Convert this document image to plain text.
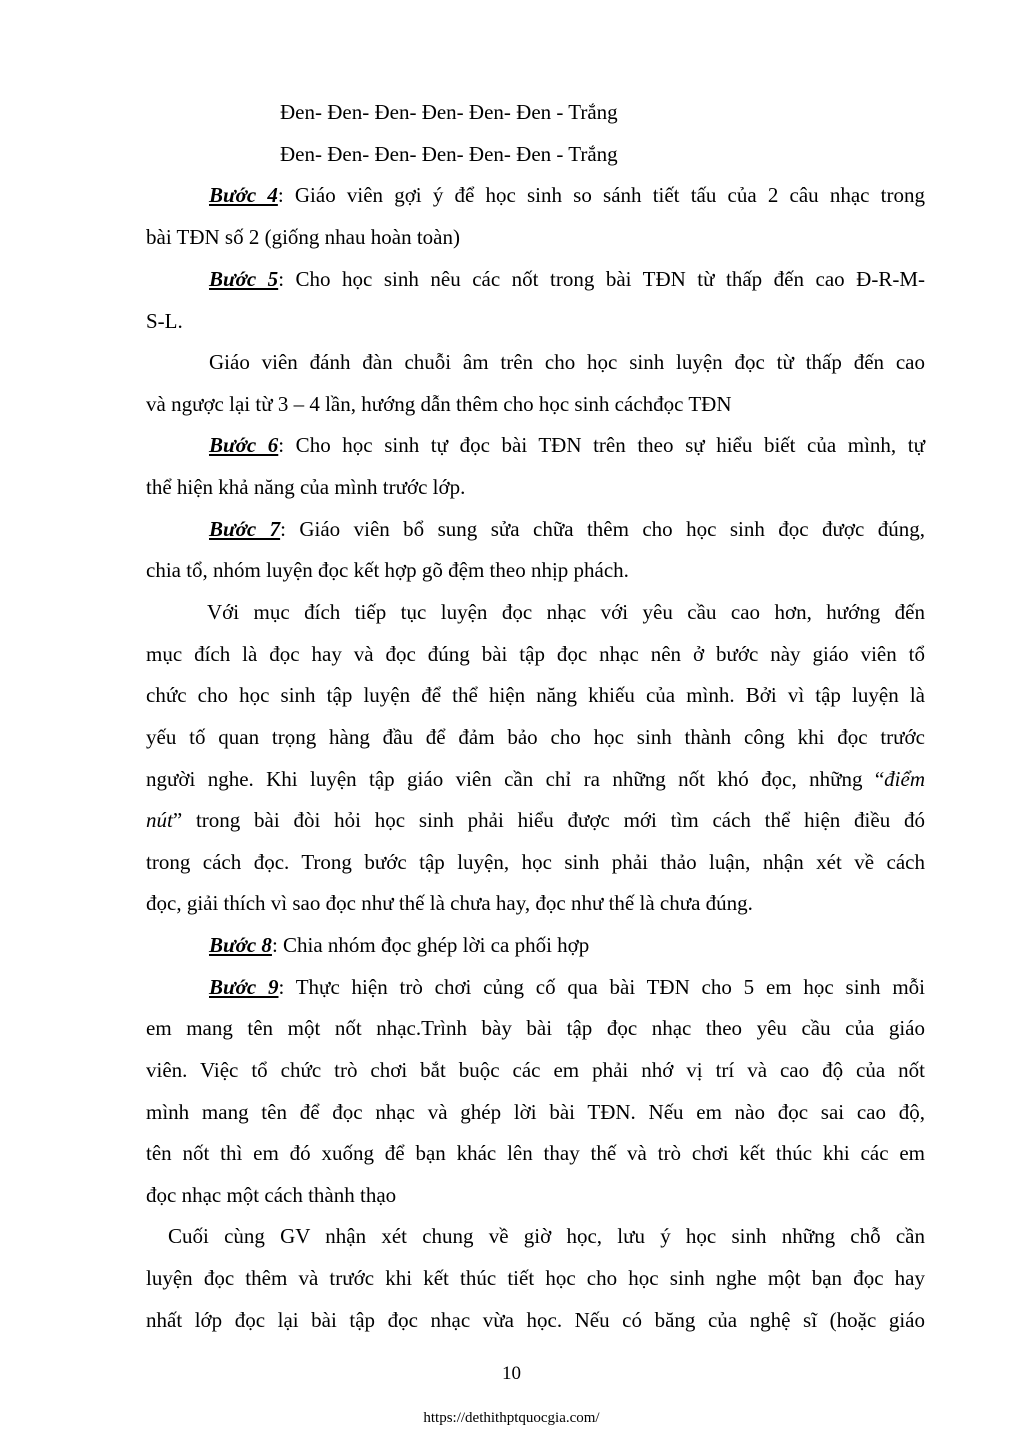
Đen- Đen- Đen- Đen- Đen- Đen - Trắng
Đen- Đen- Đen- Đen- Đen- Đen - Trắng
Bước 4: Giáo viên gợi ý để học sinh so sánh tiết tấu của 2 câu nhạc trong
bài TĐN số 2 (giống nhau hoàn toàn)
Bước 5: Cho học sinh nêu các nốt trong bài TĐN từ thấp đến cao Đ-R-M-
S-L.
Giáo viên đánh đàn chuỗi âm trên cho học sinh luyện đọc từ thấp đến cao
và ngược lại từ 3 – 4 lần, hướng dẫn thêm cho học sinh cáchđọc TĐN
Bước 6: Cho học sinh tự đọc bài TĐN trên theo sự hiểu biết của mình, tự
thể hiện khả năng của mình trước lớp.
Bước 7: Giáo viên bổ sung sửa chữa thêm cho học sinh đọc được đúng,
chia tổ, nhóm luyện đọc kết hợp gõ đệm theo nhịp phách.
Với mục đích tiếp tục luyện đọc nhạc với yêu cầu cao hơn, hướng đến
mục đích là đọc hay và đọc đúng bài tập đọc nhạc nên ở bước này giáo viên tổ
chức cho học sinh tập luyện để thể hiện năng khiếu của mình. Bởi vì tập luyện là
yếu tố quan trọng hàng đầu để đảm bảo cho học sinh thành công khi đọc trước
người nghe. Khi luyện tập giáo viên cần chỉ ra những nốt khó đọc, những “điểm
nút” trong bài đòi hỏi học sinh phải hiểu được mới tìm cách thể hiện điều đó
trong cách đọc. Trong bước tập luyện, học sinh phải thảo luận, nhận xét về cách
đọc, giải thích vì sao đọc như thế là chưa hay, đọc như thế là chưa đúng.
Bước 8: Chia nhóm đọc ghép lời ca phối hợp
Bước 9: Thực hiện trò chơi củng cố qua bài TĐN cho 5 em học sinh mỗi
em mang tên một nốt nhạc.Trình bày bài tập đọc nhạc theo yêu cầu của giáo
viên. Việc tổ chức trò chơi bắt buộc các em phải nhớ vị trí và cao độ của nốt
mình mang tên để đọc nhạc và ghép lời bài TĐN. Nếu em nào đọc sai cao độ,
tên nốt thì em đó xuống để bạn khác lên thay thế và trò chơi kết thúc khi các em
đọc nhạc một cách thành thạo
Cuối cùng GV nhận xét chung về giờ học, lưu ý học sinh những chỗ cần
luyện đọc thêm và trước khi kết thúc tiết học cho học sinh nghe một bạn đọc hay
nhất lớp đọc lại bài tập đọc nhạc vừa học. Nếu có băng của nghệ sĩ (hoặc giáo
10
https://dethithptquocgia.com/
